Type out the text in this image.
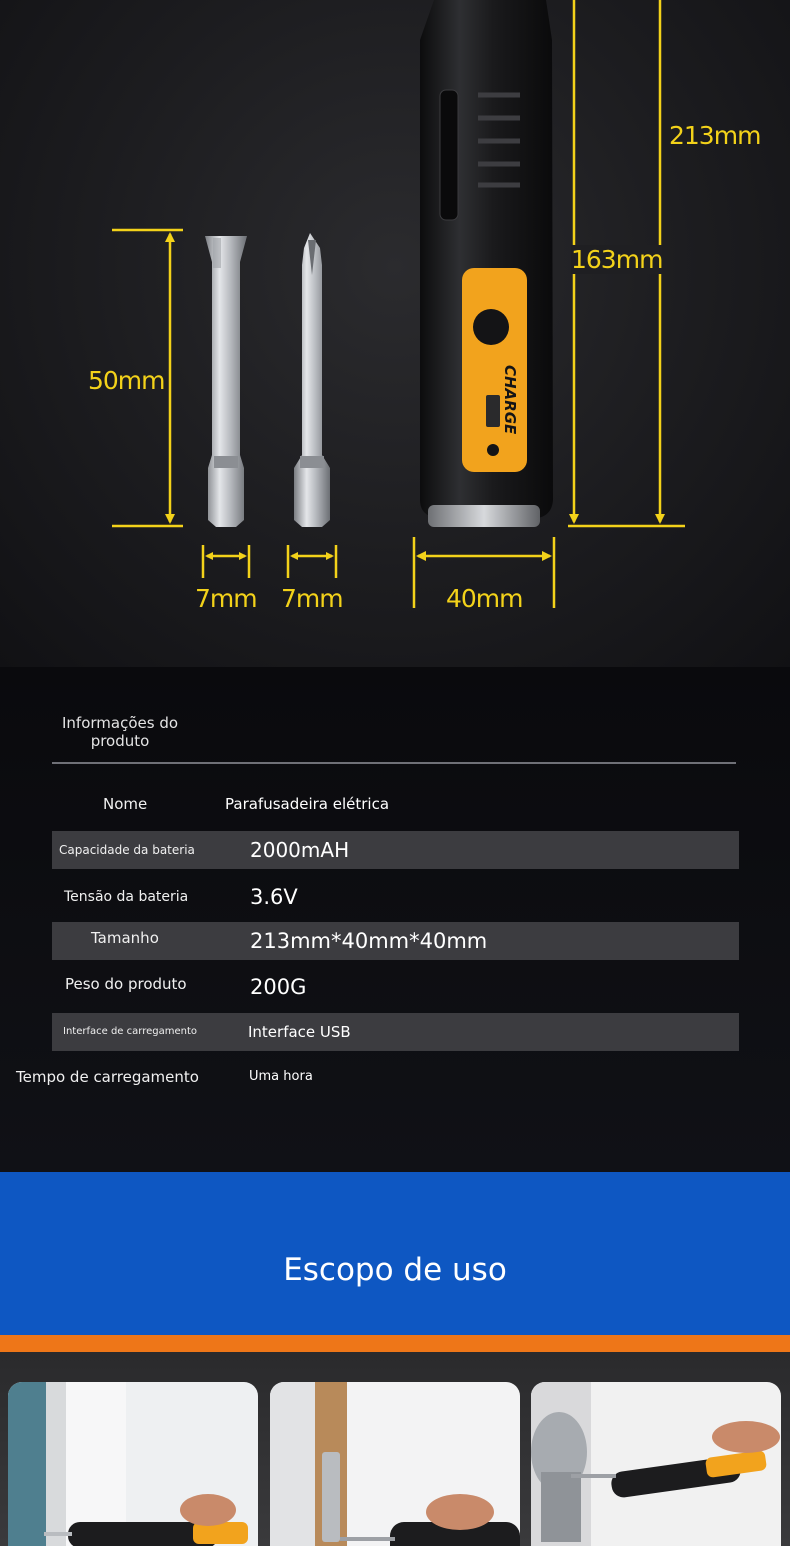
CHARGE
213mm
163mm
50mm
7mm 7mm	40mm
Informações do produto
Nome	Parafusadeira elétrica
Capacidade da bateria	2000mAH
Tensão da bateria	3.6V
Tamanho	213mm*40mm*40mm
Peso do produto	200G
Interface de carregamento	Interface USB
Tempo de carregamento	Uma hora
Escopo de uso
